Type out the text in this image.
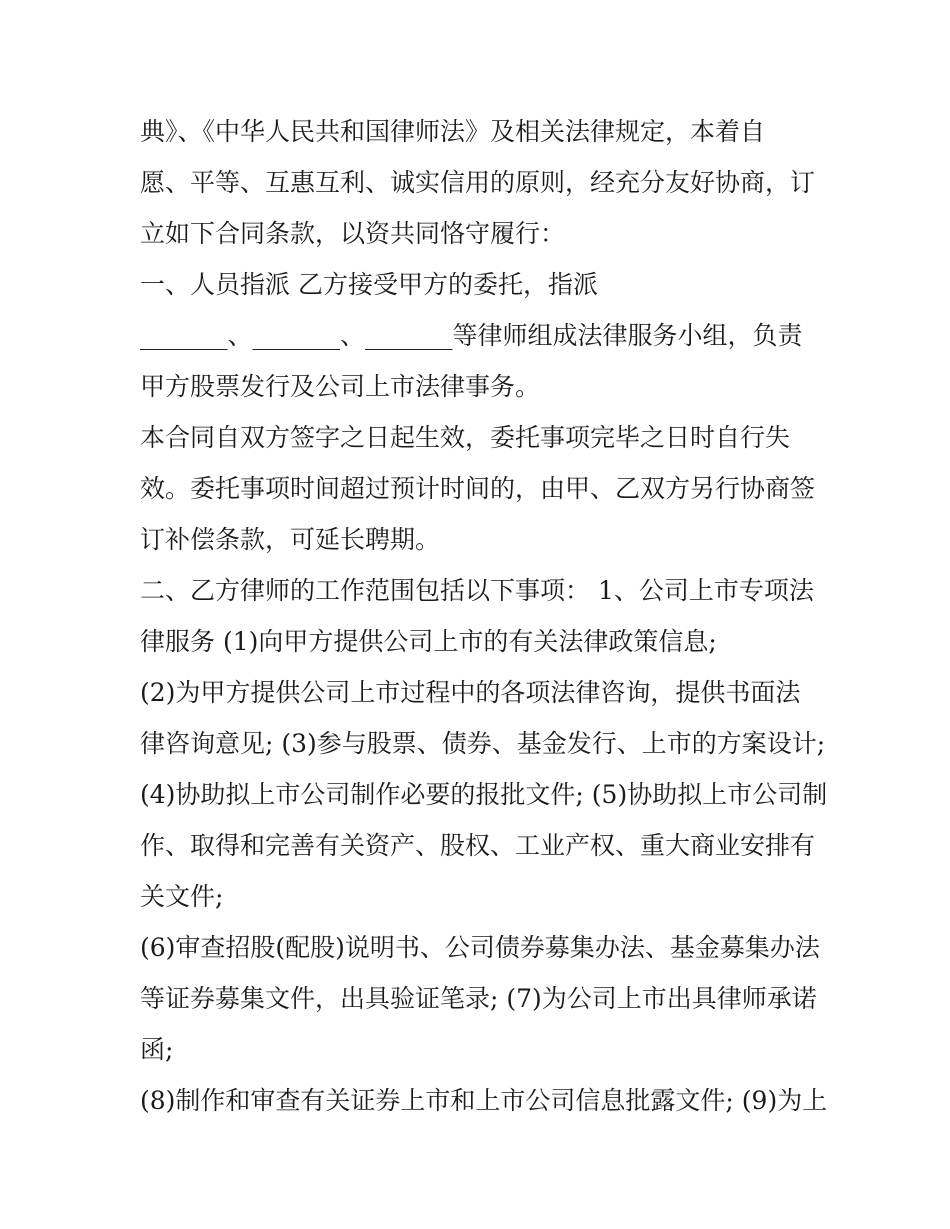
典》、《中华人民共和国律师法》及相关法律规定，本着自
愿、平等、互惠互利、诚实信用的原则，经充分友好协商，订
立如下合同条款，以资共同恪守履行：
一、人员指派 乙方接受甲方的委托，指派
_______、_______、_______等律师组成法律服务小组，负责
甲方股票发行及公司上市法律事务。
本合同自双方签字之日起生效，委托事项完毕之日时自行失
效。委托事项时间超过预计时间的，由甲、乙双方另行协商签
订补偿条款，可延长聘期。
二、乙方律师的工作范围包括以下事项： 1、公司上市专项法
律服务 (1)向甲方提供公司上市的有关法律政策信息;
(2)为甲方提供公司上市过程中的各项法律咨询，提供书面法
律咨询意见; (3)参与股票、债券、基金发行、上市的方案设计;
(4)协助拟上市公司制作必要的报批文件; (5)协助拟上市公司制
作、取得和完善有关资产、股权、工业产权、重大商业安排有
关文件;
(6)审查招股(配股)说明书、公司债券募集办法、基金募集办法
等证券募集文件，出具验证笔录; (7)为公司上市出具律师承诺
函;
(8)制作和审查有关证券上市和上市公司信息批露文件; (9)为上
